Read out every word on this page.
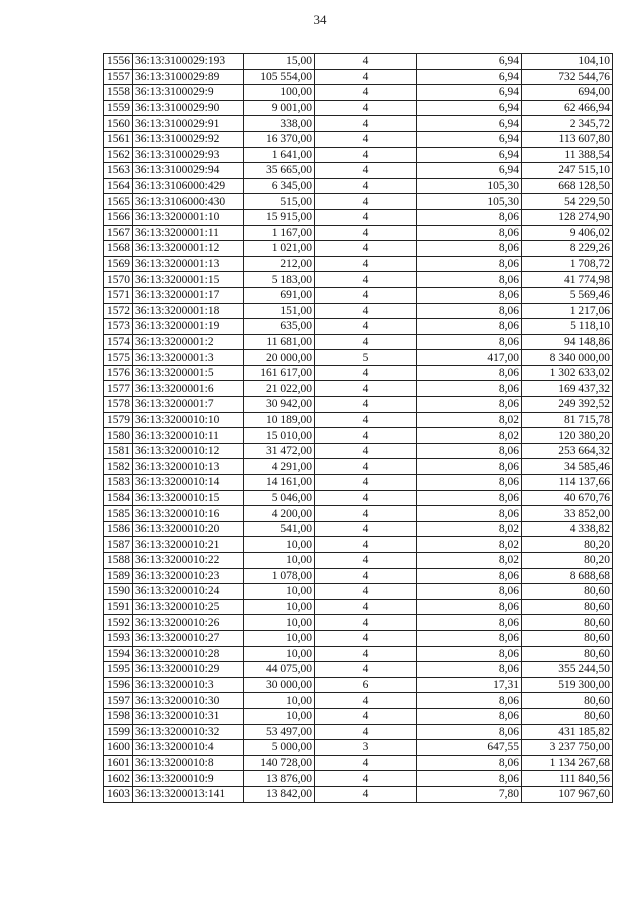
34
1556	36:13:3100029:193	15,00	4	6,94	104,10
1557	36:13:3100029:89	105 554,00	4	6,94	732 544,76
1558	36:13:3100029:9	100,00	4	6,94	694,00
1559	36:13:3100029:90	9 001,00	4	6,94	62 466,94
1560	36:13:3100029:91	338,00	4	6,94	2 345,72
1561	36:13:3100029:92	16 370,00	4	6,94	113 607,80
1562	36:13:3100029:93	1 641,00	4	6,94	11 388,54
1563	36:13:3100029:94	35 665,00	4	6,94	247 515,10
1564	36:13:3106000:429	6 345,00	4	105,30	668 128,50
1565	36:13:3106000:430	515,00	4	105,30	54 229,50
1566	36:13:3200001:10	15 915,00	4	8,06	128 274,90
1567	36:13:3200001:11	1 167,00	4	8,06	9 406,02
1568	36:13:3200001:12	1 021,00	4	8,06	8 229,26
1569	36:13:3200001:13	212,00	4	8,06	1 708,72
1570	36:13:3200001:15	5 183,00	4	8,06	41 774,98
1571	36:13:3200001:17	691,00	4	8,06	5 569,46
1572	36:13:3200001:18	151,00	4	8,06	1 217,06
1573	36:13:3200001:19	635,00	4	8,06	5 118,10
1574	36:13:3200001:2	11 681,00	4	8,06	94 148,86
1575	36:13:3200001:3	20 000,00	5	417,00	8 340 000,00
1576	36:13:3200001:5	161 617,00	4	8,06	1 302 633,02
1577	36:13:3200001:6	21 022,00	4	8,06	169 437,32
1578	36:13:3200001:7	30 942,00	4	8,06	249 392,52
1579	36:13:3200010:10	10 189,00	4	8,02	81 715,78
1580	36:13:3200010:11	15 010,00	4	8,02	120 380,20
1581	36:13:3200010:12	31 472,00	4	8,06	253 664,32
1582	36:13:3200010:13	4 291,00	4	8,06	34 585,46
1583	36:13:3200010:14	14 161,00	4	8,06	114 137,66
1584	36:13:3200010:15	5 046,00	4	8,06	40 670,76
1585	36:13:3200010:16	4 200,00	4	8,06	33 852,00
1586	36:13:3200010:20	541,00	4	8,02	4 338,82
1587	36:13:3200010:21	10,00	4	8,02	80,20
1588	36:13:3200010:22	10,00	4	8,02	80,20
1589	36:13:3200010:23	1 078,00	4	8,06	8 688,68
1590	36:13:3200010:24	10,00	4	8,06	80,60
1591	36:13:3200010:25	10,00	4	8,06	80,60
1592	36:13:3200010:26	10,00	4	8,06	80,60
1593	36:13:3200010:27	10,00	4	8,06	80,60
1594	36:13:3200010:28	10,00	4	8,06	80,60
1595	36:13:3200010:29	44 075,00	4	8,06	355 244,50
1596	36:13:3200010:3	30 000,00	6	17,31	519 300,00
1597	36:13:3200010:30	10,00	4	8,06	80,60
1598	36:13:3200010:31	10,00	4	8,06	80,60
1599	36:13:3200010:32	53 497,00	4	8,06	431 185,82
1600	36:13:3200010:4	5 000,00	3	647,55	3 237 750,00
1601	36:13:3200010:8	140 728,00	4	8,06	1 134 267,68
1602	36:13:3200010:9	13 876,00	4	8,06	111 840,56
1603	36:13:3200013:141	13 842,00	4	7,80	107 967,60
